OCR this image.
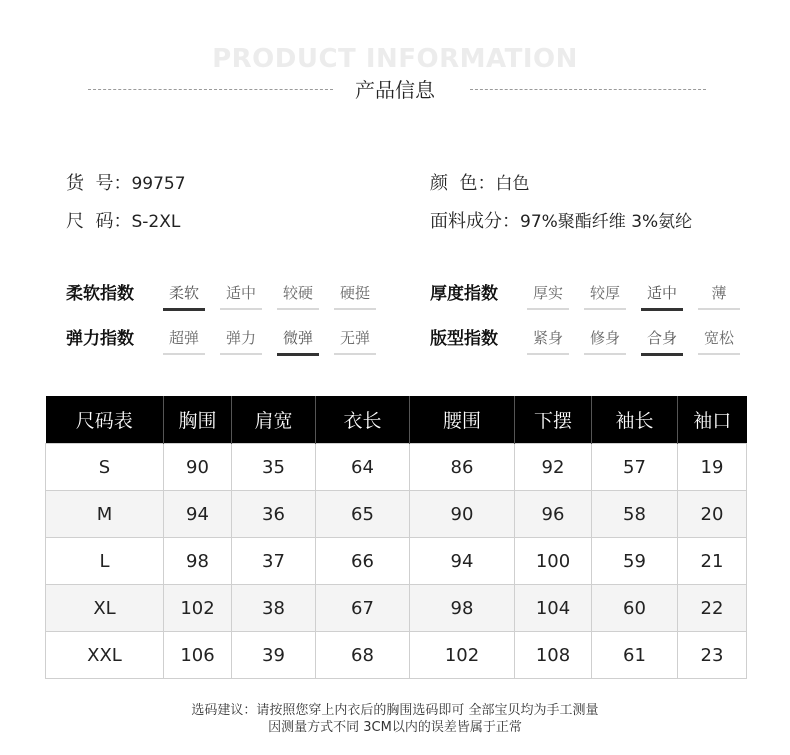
PRODUCT INFORMATION
产品信息
货  号：99757	颜  色：白色
尺  码：S-2XL	面料成分：97%聚酯纤维 3%氨纶
柔软指数	柔软	适中	较硬	硬挺	厚度指数	厚实	较厚	适中	薄
弹力指数	超弹	弹力	微弹	无弹	版型指数	紧身	修身	合身	宽松
尺码表	胸围	肩宽	衣长	腰围	下摆	袖长	袖口
S	90	35	64	86	92	57	19
M	94	36	65	90	96	58	20
L	98	37	66	94	100	59	21
XL	102	38	67	98	104	60	22
XXL	106	39	68	102	108	61	23
选码建议：请按照您穿上内衣后的胸围选码即可 全部宝贝均为手工测量
因测量方式不同 3CM以内的误差皆属于正常
